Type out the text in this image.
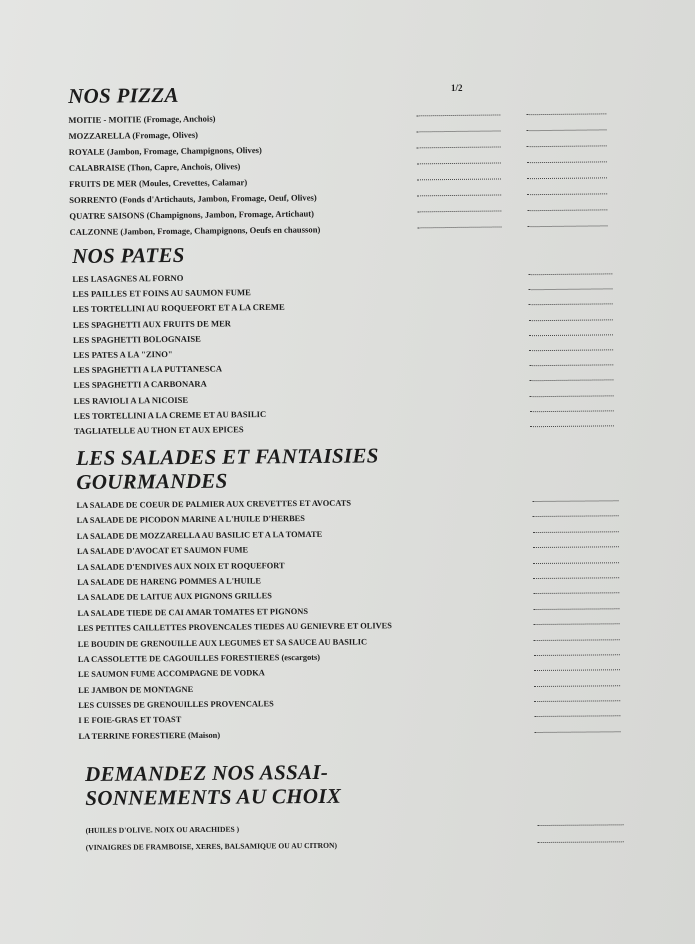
1/2
NOS PIZZA
MOITIE - MOITIE (Fromage, Anchois)
MOZZARELLA (Fromage, Olives)
ROYALE (Jambon, Fromage, Champignons, Olives)
CALABRAISE (Thon, Capre, Anchois, Olives)
FRUITS DE MER (Moules, Crevettes, Calamar)
SORRENTO (Fonds d'Artichauts, Jambon, Fromage, Oeuf, Olives)
QUATRE SAISONS (Champignons, Jambon, Fromage, Artichaut)
CALZONNE (Jambon, Fromage, Champignons, Oeufs en chausson)
NOS PATES
LES LASAGNES AL FORNO
LES PAILLES ET FOINS AU SAUMON FUME
LES TORTELLINI AU ROQUEFORT ET A LA CREME
LES SPAGHETTI AUX FRUITS DE MER
LES SPAGHETTI BOLOGNAISE
LES PATES A LA "ZINO"
LES SPAGHETTI A LA PUTTANESCA
LES SPAGHETTI A CARBONARA
LES RAVIOLI A LA NICOISE
LES TORTELLINI A LA CREME ET AU BASILIC
TAGLIATELLE AU THON ET AUX EPICES
LES SALADES ET FANTAISIES
GOURMANDES
LA SALADE DE COEUR DE PALMIER AUX CREVETTES ET AVOCATS
LA SALADE DE PICODON MARINE A L'HUILE D'HERBES
LA SALADE DE MOZZARELLA AU BASILIC ET A LA TOMATE
LA SALADE D'AVOCAT ET SAUMON FUME
LA SALADE D'ENDIVES AUX NOIX ET ROQUEFORT
LA SALADE DE HARENG POMMES A L'HUILE
LA SALADE DE LAITUE AUX PIGNONS GRILLES
LA SALADE TIEDE DE CAI AMAR TOMATES ET PIGNONS
LES PETITES CAILLETTES PROVENCALES TIEDES AU GENIEVRE ET OLIVES
LE BOUDIN DE GRENOUILLE AUX LEGUMES ET SA SAUCE AU BASILIC
LA CASSOLETTE DE CAGOUILLES FORESTIERES (escargots)
LE SAUMON FUME ACCOMPAGNE DE VODKA
LE JAMBON DE MONTAGNE
LES CUISSES DE GRENOUILLES PROVENCALES
I E FOIE-GRAS ET TOAST
LA TERRINE FORESTIERE (Maison)
DEMANDEZ NOS ASSAI-
SONNEMENTS AU CHOIX
(HUILES D'OLIVE. NOIX OU ARACHIDES )
(VINAIGRES DE FRAMBOISE, XERES, BALSAMIQUE OU AU CITRON)
